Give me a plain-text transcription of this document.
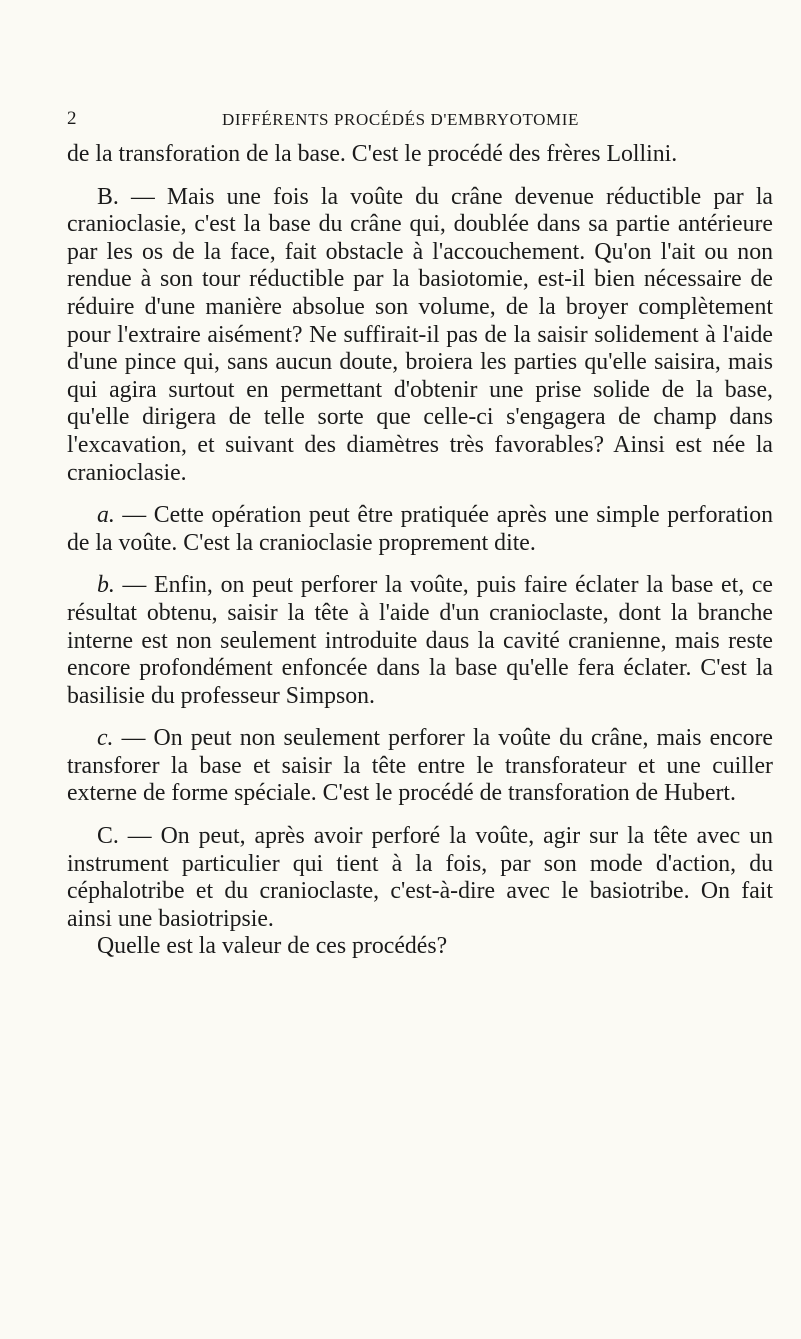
2	DIFFÉRENTS PROCÉDÉS D'EMBRYOTOMIE

de la transforation de la base. C'est le procédé des frères Lollini.

B. — Mais une fois la voûte du crâne devenue réductible par la cranioclasie, c'est la base du crâne qui, doublée dans sa partie antérieure par les os de la face, fait obstacle à l'accouchement. Qu'on l'ait ou non rendue à son tour réductible par la basiotomie, est-il bien nécessaire de réduire d'une manière absolue son volume, de la broyer complètement pour l'extraire aisément? Ne suffirait-il pas de la saisir solidement à l'aide d'une pince qui, sans aucun doute, broiera les parties qu'elle saisira, mais qui agira surtout en permettant d'obtenir une prise solide de la base, qu'elle dirigera de telle sorte que celle-ci s'engagera de champ dans l'excavation, et suivant des diamètres très favorables? Ainsi est née la cranioclasie.

a. — Cette opération peut être pratiquée après une simple perforation de la voûte. C'est la cranioclasie proprement dite.

b. — Enfin, on peut perforer la voûte, puis faire éclater la base et, ce résultat obtenu, saisir la tête à l'aide d'un cranioclaste, dont la branche interne est non seulement introduite daus la cavité cranienne, mais reste encore profondément enfoncée dans la base qu'elle fera éclater. C'est la basilisie du professeur Simpson.

c. — On peut non seulement perforer la voûte du crâne, mais encore transforer la base et saisir la tête entre le transforateur et une cuiller externe de forme spéciale. C'est le procédé de transforation de Hubert.

C. — On peut, après avoir perforé la voûte, agir sur la tête avec un instrument particulier qui tient à la fois, par son mode d'action, du céphalotribe et du cranioclaste, c'est-à-dire avec le basiotribe. On fait ainsi une basiotripsie.

Quelle est la valeur de ces procédés?
